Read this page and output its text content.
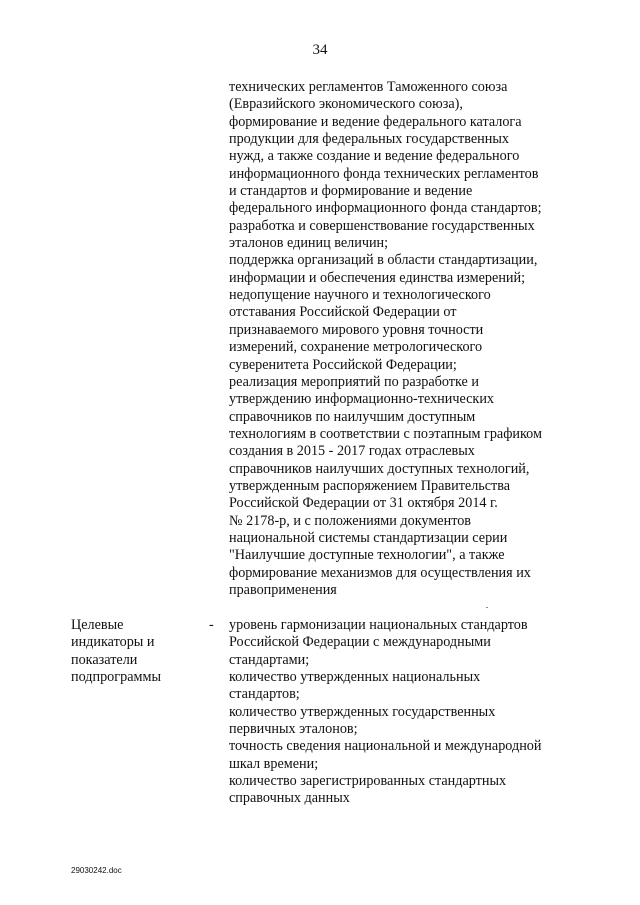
34
технических регламентов Таможенного союза
(Евразийского экономического союза),
формирование и ведение федерального каталога
продукции для федеральных государственных
нужд, а также создание и ведение федерального
информационного фонда технических регламентов
и стандартов и формирование и ведение
федерального информационного фонда стандартов;
разработка и совершенствование государственных
эталонов единиц величин;
поддержка организаций в области стандартизации,
информации и обеспечения единства измерений;
недопущение научного и технологического
отставания Российской Федерации от
признаваемого мирового уровня точности
измерений, сохранение метрологического
суверенитета Российской Федерации;
реализация мероприятий по разработке и
утверждению информационно-технических
справочников по наилучшим доступным
технологиям в соответствии с поэтапным графиком
создания в 2015 - 2017 годах отраслевых
справочников наилучших доступных технологий,
утвержденным распоряжением Правительства
Российской Федерации от 31 октября 2014 г.
№ 2178-р, и с положениями документов
национальной системы стандартизации серии
"Наилучшие доступные технологии", а также
формирование механизмов для осуществления их
правоприменения
Целевые
индикаторы и
показатели
подпрограммы
- уровень гармонизации национальных стандартов
Российской Федерации с международными
стандартами;
количество утвержденных национальных
стандартов;
количество утвержденных государственных
первичных эталонов;
точность сведения национальной и международной
шкал времени;
количество зарегистрированных стандартных
справочных данных
29030242.doc
